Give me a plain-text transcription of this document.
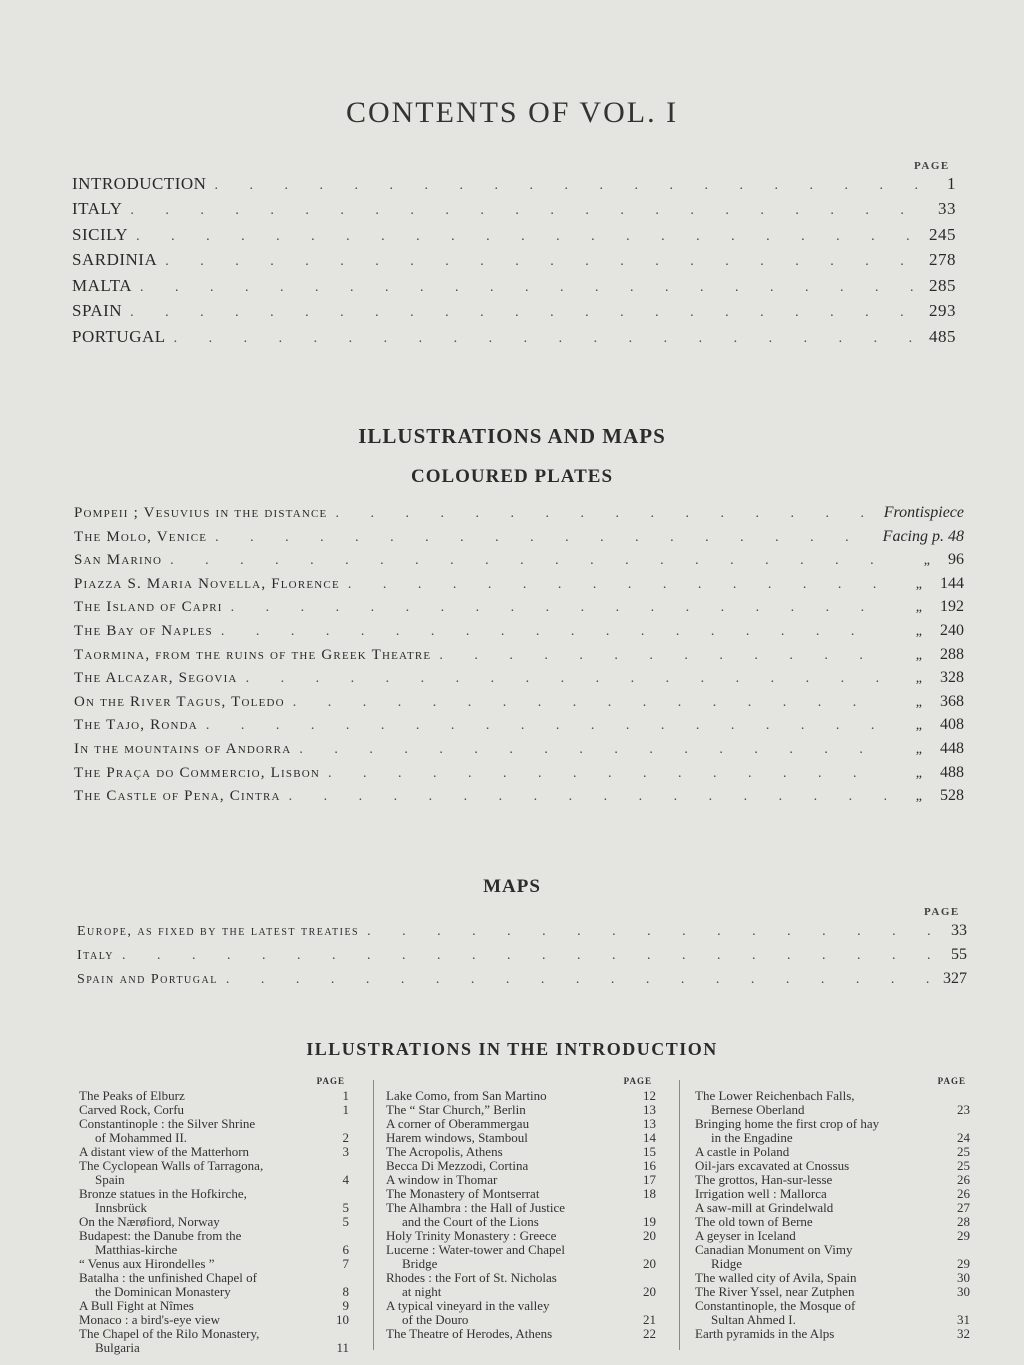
CONTENTS OF VOL. I
PAGE
INTRODUCTION . . .	1
ITALY . . .	33
SICILY . . .	245
SARDINIA . . .	278
MALTA . . .	285
SPAIN . . .	293
PORTUGAL . . .	485
ILLUSTRATIONS AND MAPS
COLOURED PLATES
Pompeii ; Vesuvius in the distance . . .	Frontispiece
The Molo, Venice . . .	Facing p. 48
San Marino . . .	„ 96
Piazza S. Maria Novella, Florence . . .	„ 144
The Island of Capri . . .	„ 192
The Bay of Naples . . .	„ 240
Taormina, from the ruins of the Greek Theatre . . .	„ 288
The Alcazar, Segovia . . .	„ 328
On the River Tagus, Toledo . . .	„ 368
The Tajo, Ronda . . .	„ 408
In the mountains of Andorra . . .	„ 448
The Praça do Commercio, Lisbon . . .	„ 488
The Castle of Pena, Cintra . . .	„ 528
MAPS
PAGE
Europe, as fixed by the latest treaties . . .	33
Italy . . .	55
Spain and Portugal . . .	327
ILLUSTRATIONS IN THE INTRODUCTION
PAGE
The Peaks of Elburz	1
Carved Rock, Corfu	1
Constantinople : the Silver Shrine
of Mohammed II.	2
A distant view of the Matterhorn	3
The Cyclopean Walls of Tarragona,
Spain	4
Bronze statues in the Hofkirche,
Innsbrück	5
On the Nærøfiord, Norway	5
Budapest: the Danube from the
Matthias-kirche	6
“ Venus aux Hirondelles ”	7
Batalha : the unfinished Chapel of
the Dominican Monastery	8
A Bull Fight at Nîmes	9
Monaco : a bird's-eye view	10
The Chapel of the Rilo Monastery,
Bulgaria	11
PAGE
Lake Como, from San Martino	12
The “ Star Church,” Berlin	13
A corner of Oberammergau	13
Harem windows, Stamboul	14
The Acropolis, Athens	15
Becca Di Mezzodi, Cortina	16
A window in Thomar	17
The Monastery of Montserrat	18
The Alhambra : the Hall of Justice
and the Court of the Lions	19
Holy Trinity Monastery : Greece	20
Lucerne : Water-tower and Chapel
Bridge	20
Rhodes : the Fort of St. Nicholas
at night	20
A typical vineyard in the valley
of the Douro	21
The Theatre of Herodes, Athens	22
PAGE
The Lower Reichenbach Falls,
Bernese Oberland	23
Bringing home the first crop of hay
in the Engadine	24
A castle in Poland	25
Oil-jars excavated at Cnossus	25
The grottos, Han-sur-lesse	26
Irrigation well : Mallorca	26
A saw-mill at Grindelwald	27
The old town of Berne	28
A geyser in Iceland	29
Canadian Monument on Vimy
Ridge	29
The walled city of Avila, Spain	30
The River Yssel, near Zutphen	30
Constantinople, the Mosque of
Sultan Ahmed I.	31
Earth pyramids in the Alps	32
